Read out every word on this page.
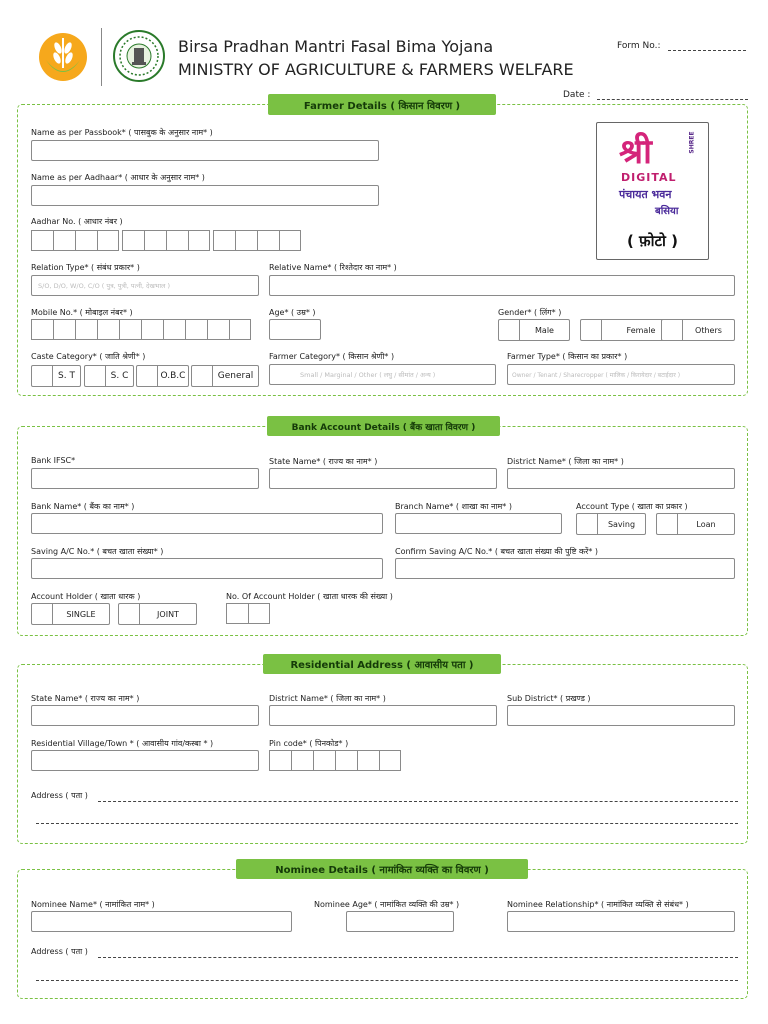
Birsa Pradhan Mantri Fasal Bima Yojana
MINISTRY OF AGRICULTURE & FARMERS WELFARE
Form No.:
Date :
Farmer Details ( किसान विवरण )
Name as per Passbook* ( पासबुक के अनुसार नाम* )
Name as per Aadhaar* ( आधार के अनुसार नाम* )
Aadhar No. ( आधार नंबर )
Relation Type* ( संबंध प्रकार* )
S/O, D/O, W/O, C/O ( पुत्र, पुत्री, पत्नी, देखभाल )
Relative Name* ( रिश्तेदार का नाम* )
Mobile No.* ( मोबाइल नंबर* )	Age* ( उम्र* )	Gender* ( लिंग* )
Male	Female	Others
Caste Category* ( जाति श्रेणी* )
S. T	S. C	O.B.C	General
Farmer Category* ( किसान श्रेणी* )
Small / Marginal / Other ( लघु / सीमांत / अन्य )
Farmer Type* ( किसान का प्रकार* )
Owner / Tenant / Sharecropper ( मालिक / किरायेदार / बटाईदार )
श्री	SHREE
DIGITAL
पंचायत भवन
बसिया
( फ़ोटो )
Bank Account Details ( बैंक खाता विवरण )
Bank IFSC*	State Name* ( राज्य का नाम* )	District Name* ( जिला का नाम* )
Bank Name* ( बैंक का नाम* )	Branch Name* ( शाखा का नाम* )	Account Type ( खाता का प्रकार )
Saving	Loan
Saving A/C No.* ( बचत खाता संख्या* )	Confirm Saving A/C No.* ( बचत खाता संख्या की पुष्टि करें* )
Account Holder ( खाता धारक )
SINGLE	JOINT
No. Of Account Holder ( खाता धारक की संख्या )
Residential Address ( आवासीय पता )
State Name* ( राज्य का नाम* )	District Name* ( जिला का नाम* )	Sub District* ( प्रखण्ड )
Residential Village/Town * ( आवासीय गांव/कस्बा * )	Pin code* ( पिनकोड* )
Address ( पता )
Nominee Details ( नामांकित व्यक्ति का विवरण )
Nominee Name* ( नामांकित नाम* )	Nominee Age* ( नामांकित व्यक्ति की उम्र* )	Nominee Relationship* ( नामांकित व्यक्ति से संबंध* )
Address ( पता )
